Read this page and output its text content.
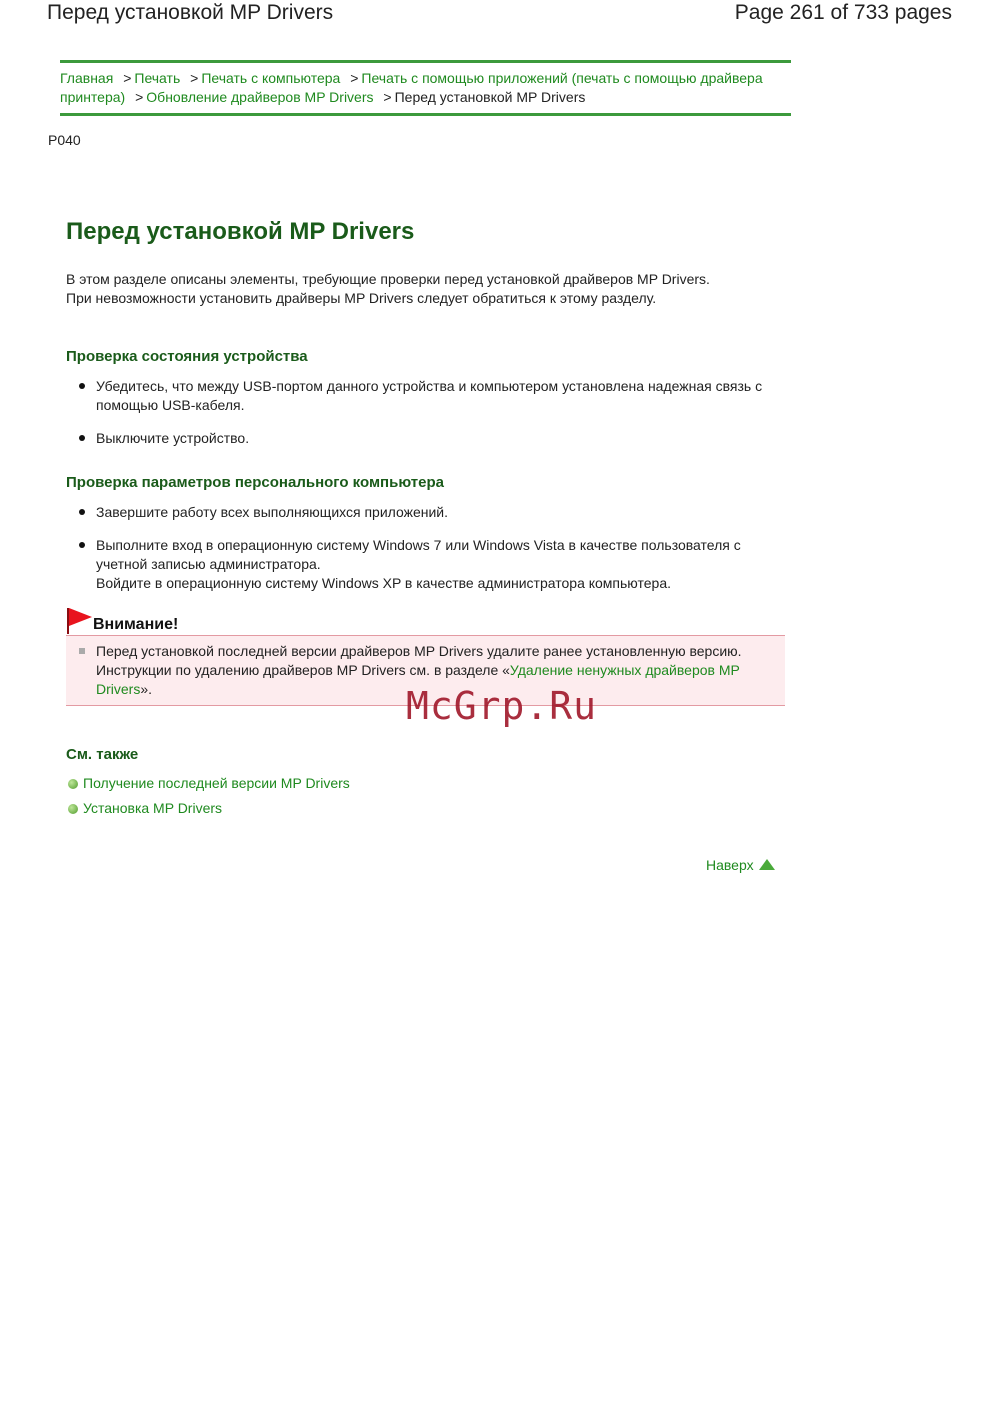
Перед установкой MP Drivers	Page 261 of 733 pages
Главная > Печать > Печать с компьютера > Печать с помощью приложений (печать с помощью драйвера принтера) > Обновление драйверов MP Drivers > Перед установкой MP Drivers
P040
Перед установкой MP Drivers

В этом разделе описаны элементы, требующие проверки перед установкой драйверов MP Drivers.
При невозможности установить драйверы MP Drivers следует обратиться к этому разделу.

Проверка состояния устройства
Убедитесь, что между USB-портом данного устройства и компьютером установлена надежная связь с помощью USB-кабеля.
Выключите устройство.
Проверка параметров персонального компьютера
Завершите работу всех выполняющихся приложений.
Выполните вход в операционную систему Windows 7 или Windows Vista в качестве пользователя с учетной записью администратора.
Войдите в операционную систему Windows XP в качестве администратора компьютера.
Внимание!
Перед установкой последней версии драйверов MP Drivers удалите ранее установленную версию. Инструкции по удалению драйверов MP Drivers см. в разделе «Удаление ненужных драйверов MP Drivers».
См. также
Получение последней версии MP Drivers
Установка MP Drivers
Наверх
McGrp.Ru
